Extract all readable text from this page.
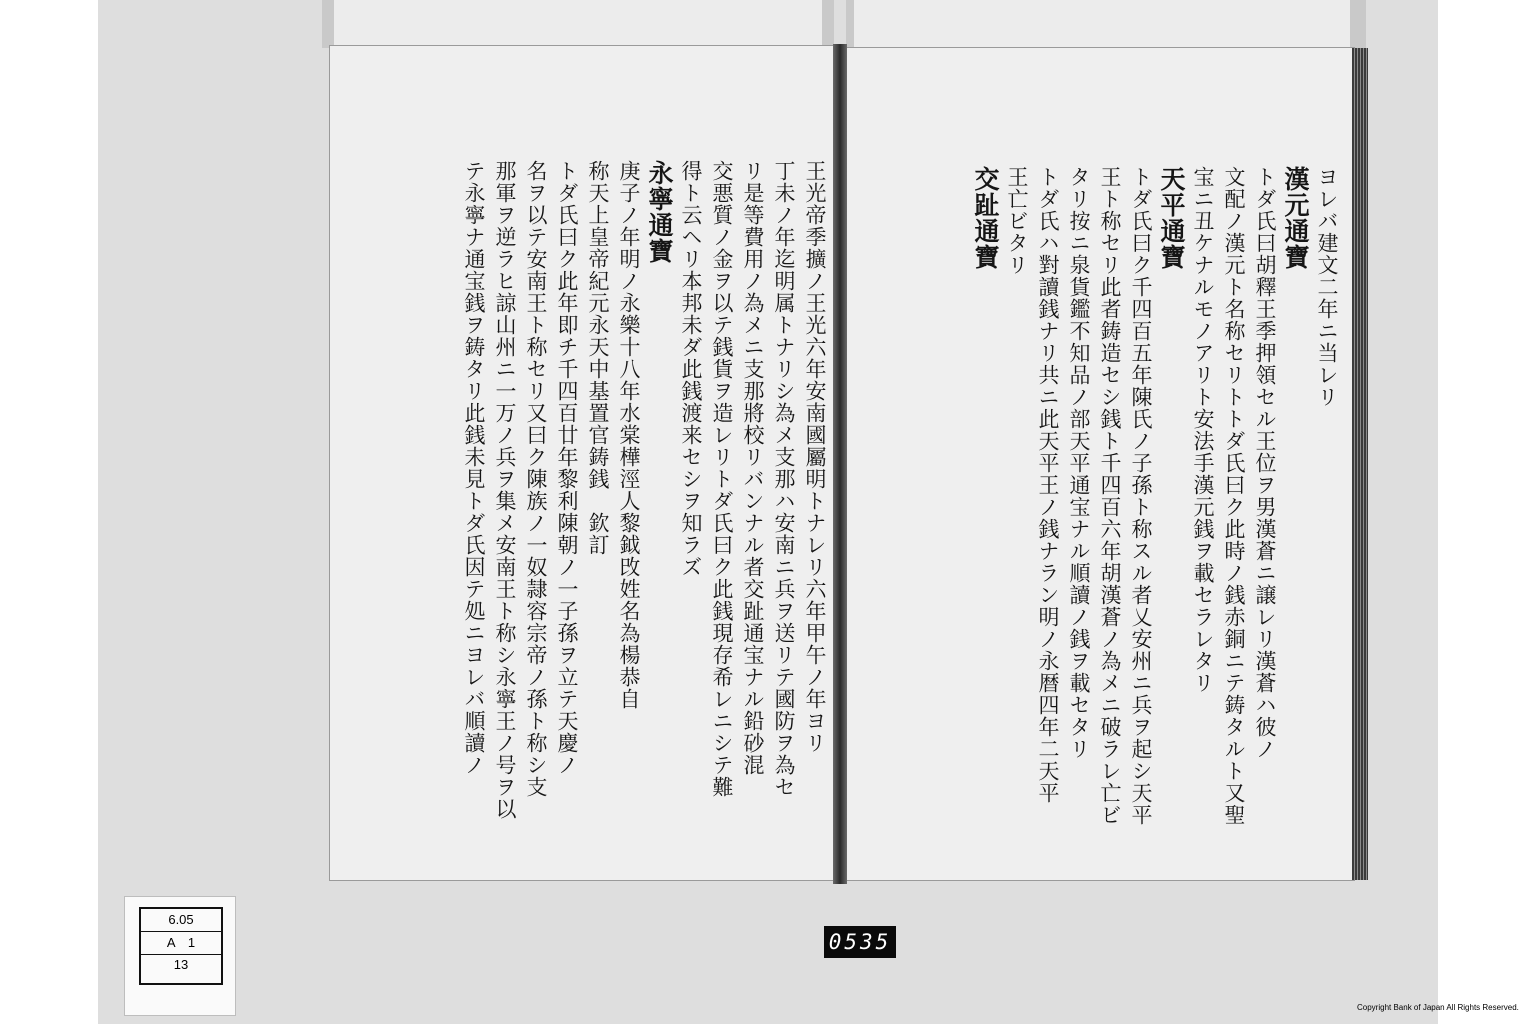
ヨレバ建文二年ニ当レリ
漢元通寶
トダ氏曰胡釋王季押領セル王位ヲ男漢蒼ニ譲レリ漢蒼ハ彼ノ
文配ノ漢元ト名称セリトトダ氏曰ク此時ノ銭赤銅ニテ鋳タルト又聖
宝ニ丑ケナルモノアリト安法手漢元銭ヲ載セラレタリ
天平通寶
トダ氏曰ク千四百五年陳氏ノ子孫ト称スル者乂安州ニ兵ヲ起シ天平
王ト称セリ此者鋳造セシ銭ト千四百六年胡漢蒼ノ為メニ破ラレ亡ビ
タリ按ニ泉貨鑑不知品ノ部天平通宝ナル順讀ノ銭ヲ載セタリ
トダ氏ハ對讀銭ナリ共ニ此天平王ノ銭ナラン明ノ永暦四年二天平
王亡ビタリ
交趾通寶
王光帝季擴ノ王光六年安南國屬明トナレリ六年甲午ノ年ヨリ
丁未ノ年迄明属トナリシ為メ支那ハ安南ニ兵ヲ送リテ國防ヲ為セ
リ是等費用ノ為メニ支那將校リバンナル者交趾通宝ナル鉛砂混
交悪質ノ金ヲ以テ銭貨ヲ造レリトダ氏曰ク此銭現存希レニシテ難
得ト云ヘリ本邦未ダ此銭渡来セシヲ知ラズ
永寧通寶
庚子ノ年明ノ永樂十八年水棠樺涇人黎鉞攺姓名為楊恭自
称天上皇帝紀元永天中基置官鋳銭　欽訂
トダ氏曰ク此年即チ千四百廿年黎利陳朝ノ一子孫ヲ立テ天慶ノ
名ヲ以テ安南王ト称セリ又曰ク陳族ノ一奴隷容宗帝ノ孫ト称シ支
那軍ヲ逆ラヒ諒山州ニ一万ノ兵ヲ集メ安南王ト称シ永寧王ノ号ヲ以
テ永寧ナ通宝銭ヲ鋳タリ此銭未見トダ氏因テ処ニヨレバ順讀ノ
6.05
A　1
13
0535
Copyright Bank of Japan All Rights Reserved.
